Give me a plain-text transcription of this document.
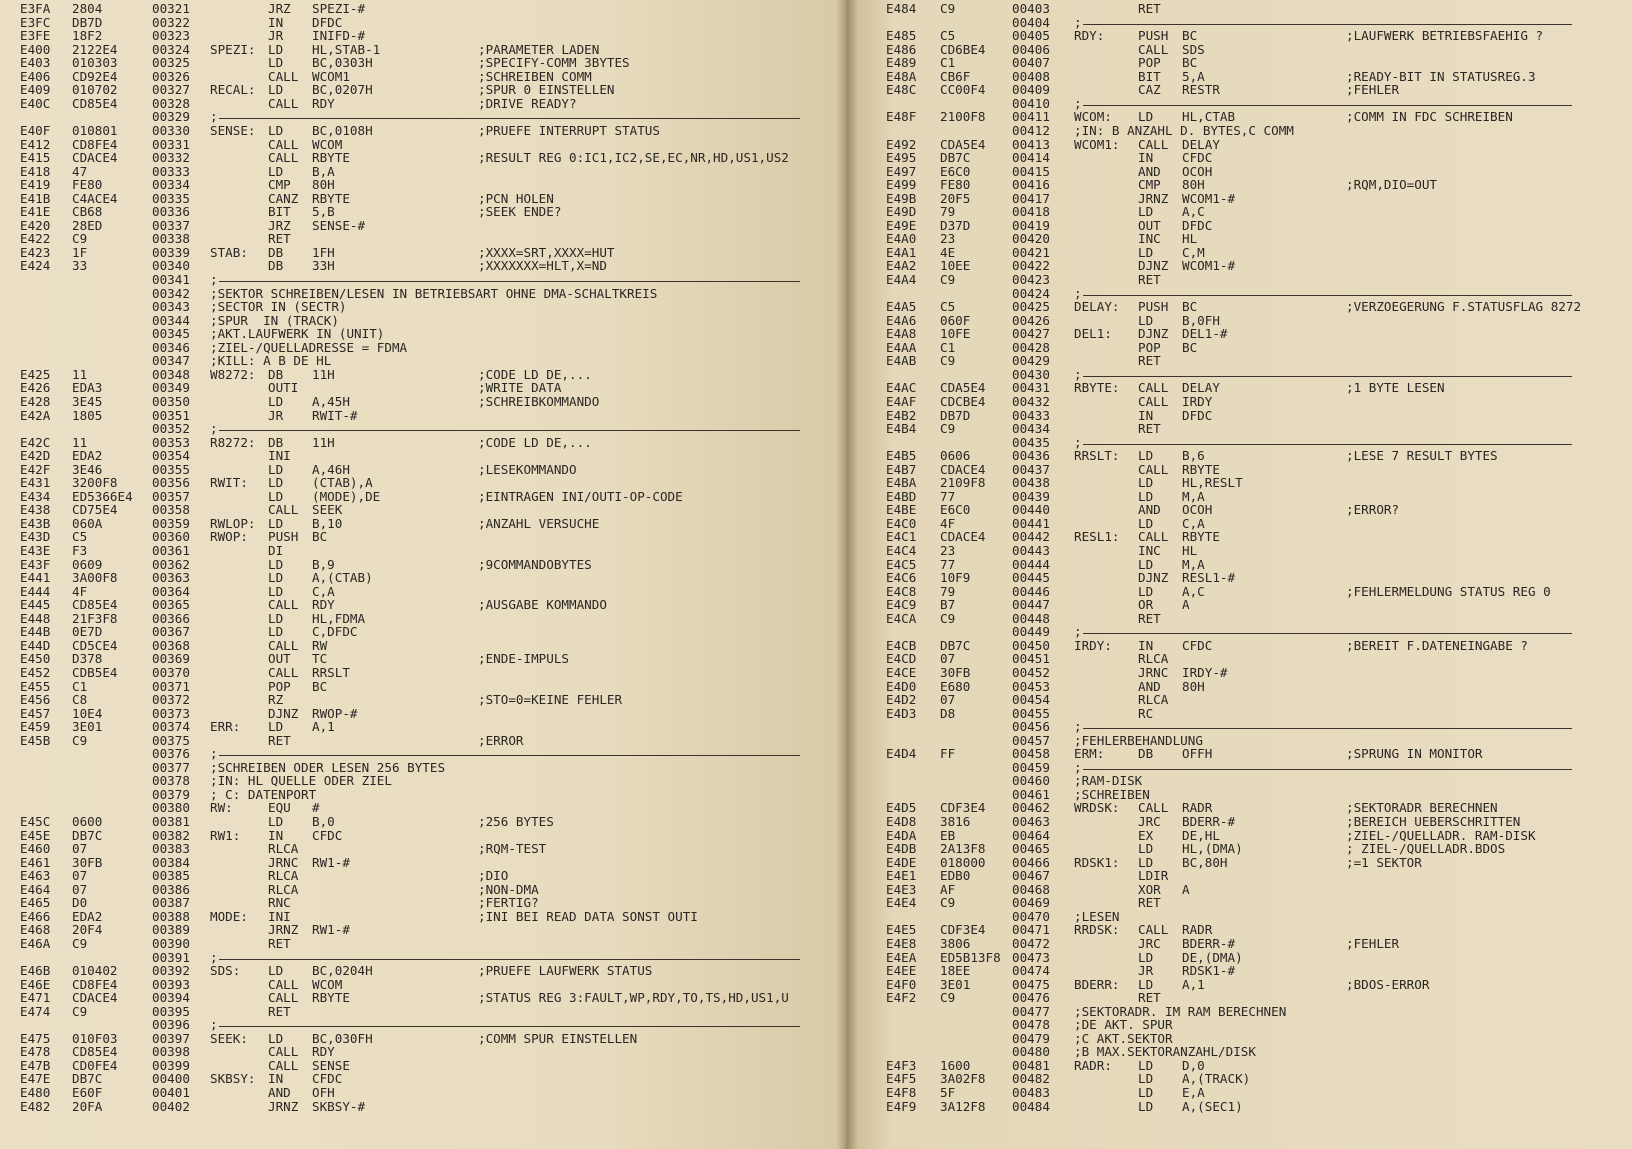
E3FA 2804	00321	JRZ SPEZI-#
E3FC DB7D	00322	IN DFDC
E3FE 18F2	00323	JR INIFD-#
E400 2122E4	00324 SPEZI: LD HL,STAB-1	;PARAMETER LADEN
E403 010303	00325	LD BC,0303H	;SPECIFY-COMM 3BYTES
E406 CD92E4	00326	CALL WCOM1	;SCHREIBEN COMM
E409 010702	00327 RECAL: LD BC,0207H	;SPUR 0 EINSTELLEN
E40C CD85E4	00328	CALL RDY	;DRIVE READY?
00329 ;
E40F 010801	00330 SENSE: LD BC,0108H	;PRUEFE INTERRUPT STATUS
E412 CD8FE4	00331	CALL WCOM
E415 CDACE4	00332	CALL RBYTE	;RESULT REG 0:IC1,IC2,SE,EC,NR,HD,US1,US2
E418 47	00333	LD B,A
E419 FE80	00334	CMP 80H
E41B C4ACE4	00335	CANZ RBYTE	;PCN HOLEN
E41E CB68	00336	BIT 5,B	;SEEK ENDE?
E420 28ED	00337	JRZ SENSE-#
E422 C9	00338	RET
E423 1F	00339 STAB: DB 1FH	;XXXX=SRT,XXXX=HUT
E424 33	00340	DB 33H	;XXXXXXX=HLT,X=ND
00341 ;
00342 ;SEKTOR SCHREIBEN/LESEN IN BETRIEBSART OHNE DMA-SCHALTKREIS
00343 ;SECTOR IN (SECTR)
00344 ;SPUR  IN (TRACK)
00345 ;AKT.LAUFWERK IN (UNIT)
00346 ;ZIEL-/QUELLADRESSE = FDMA
00347 ;KILL: A B DE HL
E425 11	00348 W8272: DB 11H	;CODE LD DE,...
E426 EDA3	00349	OUTI	;WRITE DATA
E428 3E45	00350	LD A,45H	;SCHREIBKOMMANDO
E42A 1805	00351	JR RWIT-#
00352 ;
E42C 11	00353 R8272: DB 11H	;CODE LD DE,...
E42D EDA2	00354	INI
E42F 3E46	00355	LD A,46H	;LESEKOMMANDO
E431 3200F8	00356 RWIT: LD (CTAB),A
E434 ED5366E4 00357	LD (MODE),DE	;EINTRAGEN INI/OUTI-OP-CODE
E438 CD75E4	00358	CALL SEEK
E43B 060A	00359 RWLOP: LD B,10	;ANZAHL VERSUCHE
E43D C5	00360 RWOP: PUSH BC
E43E F3	00361	DI
E43F 0609	00362	LD B,9	;9COMMANDOBYTES
E441 3A00F8	00363	LD A,(CTAB)
E444 4F	00364	LD C,A
E445 CD85E4	00365	CALL RDY	;AUSGABE KOMMANDO
E448 21F3F8	00366	LD HL,FDMA
E44B 0E7D	00367	LD C,DFDC
E44D CD5CE4	00368	CALL RW
E450 D378	00369	OUT TC	;ENDE-IMPULS
E452 CDB5E4	00370	CALL RRSLT
E455 C1	00371	POP BC
E456 C8	00372	RZ	;STO=0=KEINE FEHLER
E457 10E4	00373	DJNZ RWOP-#
E459 3E01	00374 ERR: LD A,1
E45B C9	00375	RET	;ERROR
00376 ;
00377 ;SCHREIBEN ODER LESEN 256 BYTES
00378 ;IN: HL QUELLE ODER ZIEL
00379 ; C: DATENPORT
00380 RW:	EQU #
E45C 0600	00381	LD B,0	;256 BYTES
E45E DB7C	00382 RW1: IN CFDC
E460 07	00383	RLCA	;RQM-TEST
E461 30FB	00384	JRNC RW1-#
E463 07	00385	RLCA	;DIO
E464 07	00386	RLCA	;NON-DMA
E465 D0	00387	RNC	;FERTIG?
E466 EDA2	00388 MODE: INI	;INI BEI READ DATA SONST OUTI
E468 20F4	00389	JRNZ RW1-#
E46A C9	00390	RET
00391 ;
E46B 010402	00392 SDS: LD BC,0204H	;PRUEFE LAUFWERK STATUS
E46E CD8FE4	00393	CALL WCOM
E471 CDACE4	00394	CALL RBYTE	;STATUS REG 3:FAULT,WP,RDY,TO,TS,HD,US1,U
E474 C9	00395	RET
00396 ;
E475 010F03	00397 SEEK: LD BC,030FH	;COMM SPUR EINSTELLEN
E478 CD85E4	00398	CALL RDY
E47B CD0FE4	00399	CALL SENSE
E47E DB7C	00400 SKBSY: IN CFDC
E480 E60F	00401	AND OFH
E482 20FA	00402	JRNZ SKBSY-#
E484 C9	00403	RET
00404 ;
E485 C5	00405 RDY:	PUSH BC	;LAUFWERK BETRIEBSFAEHIG ?
E486 CD6BE4 00406	CALL SDS
E489 C1	00407	POP BC
E48A CB6F	00408	BIT 5,A	;READY-BIT IN STATUSREG.3
E48C CC00F4 00409	CAZ RESTR	;FEHLER
00410 ;
E48F 2100F8 00411 WCOM: LD HL,CTAB	;COMM IN FDC SCHREIBEN
00412 ;IN: B ANZAHL D. BYTES,C COMM
E492 CDA5E4 00413 WCOM1: CALL DELAY
E495 DB7C	00414	IN CFDC
E497 E6C0	00415	AND OCOH
E499 FE80	00416	CMP 80H	;RQM,DIO=OUT
E49B 20F5	00417	JRNZ WCOM1-#
E49D 79	00418	LD A,C
E49E D37D	00419	OUT DFDC
E4A0 23	00420	INC HL
E4A1 4E	00421	LD C,M
E4A2 10EE	00422	DJNZ WCOM1-#
E4A4 C9	00423	RET
00424 ;
E4A5 C5	00425 DELAY: PUSH BC	;VERZOEGERUNG F.STATUSFLAG 8272
E4A6 060F	00426	LD B,0FH
E4A8 10FE	00427 DEL1: DJNZ DEL1-#
E4AA C1	00428	POP BC
E4AB C9	00429	RET
00430 ;
E4AC CDA5E4 00431 RBYTE: CALL DELAY	;1 BYTE LESEN
E4AF CDCBE4 00432	CALL IRDY
E4B2 DB7D	00433	IN DFDC
E4B4 C9	00434	RET
00435 ;
E4B5 0606	00436 RRSLT: LD B,6	;LESE 7 RESULT BYTES
E4B7 CDACE4 00437	CALL RBYTE
E4BA 2109F8 00438	LD HL,RESLT
E4BD 77	00439	LD M,A
E4BE E6C0	00440	AND OCOH	;ERROR?
E4C0 4F	00441	LD C,A
E4C1 CDACE4 00442 RESL1: CALL RBYTE
E4C4 23	00443	INC HL
E4C5 77	00444	LD M,A
E4C6 10F9	00445	DJNZ RESL1-#
E4C8 79	00446	LD A,C	;FEHLERMELDUNG STATUS REG 0
E4C9 B7	00447	OR A
E4CA C9	00448	RET
00449 ;
E4CB DB7C	00450 IRDY: IN CFDC	;BEREIT F.DATENEINGABE ?
E4CD 07	00451	RLCA
E4CE 30FB	00452	JRNC IRDY-#
E4D0 E680	00453	AND 80H
E4D2 07	00454	RLCA
E4D3 D8	00455	RC
00456 ;
00457 ;FEHLERBEHANDLUNG
E4D4 FF	00458 ERM:	DB OFFH	;SPRUNG IN MONITOR
00459 ;
00460 ;RAM-DISK
00461 ;SCHREIBEN
E4D5 CDF3E4 00462 WRDSK: CALL RADR	;SEKTORADR BERECHNEN
E4D8 3816	00463	JRC BDERR-#	;BEREICH UEBERSCHRITTEN
E4DA EB	00464	EX DE,HL	;ZIEL-/QUELLADR. RAM-DISK
E4DB 2A13F8 00465	LD HL,(DMA)	; ZIEL-/QUELLADR.BDOS
E4DE 018000 00466 RDSK1: LD BC,80H	;=1 SEKTOR
E4E1 EDB0	00467	LDIR
E4E3 AF	00468	XOR A
E4E4 C9	00469	RET
00470 ;LESEN
E4E5 CDF3E4 00471 RRDSK: CALL RADR
E4E8 3806	00472	JRC BDERR-#	;FEHLER
E4EA ED5B13F8 00473	LD DE,(DMA)
E4EE 18EE	00474	JR RDSK1-#
E4F0 3E01	00475 BDERR: LD A,1	;BDOS-ERROR
E4F2 C9	00476	RET
00477 ;SEKTORADR. IM RAM BERECHNEN
00478 ;DE AKT. SPUR
00479 ;C AKT.SEKTOR
00480 ;B MAX.SEKTORANZAHL/DISK
E4F3 1600	00481 RADR: LD D,0
E4F5 3A02F8 00482	LD A,(TRACK)
E4F8 5F	00483	LD E,A
E4F9 3A12F8 00484	LD A,(SEC1)
